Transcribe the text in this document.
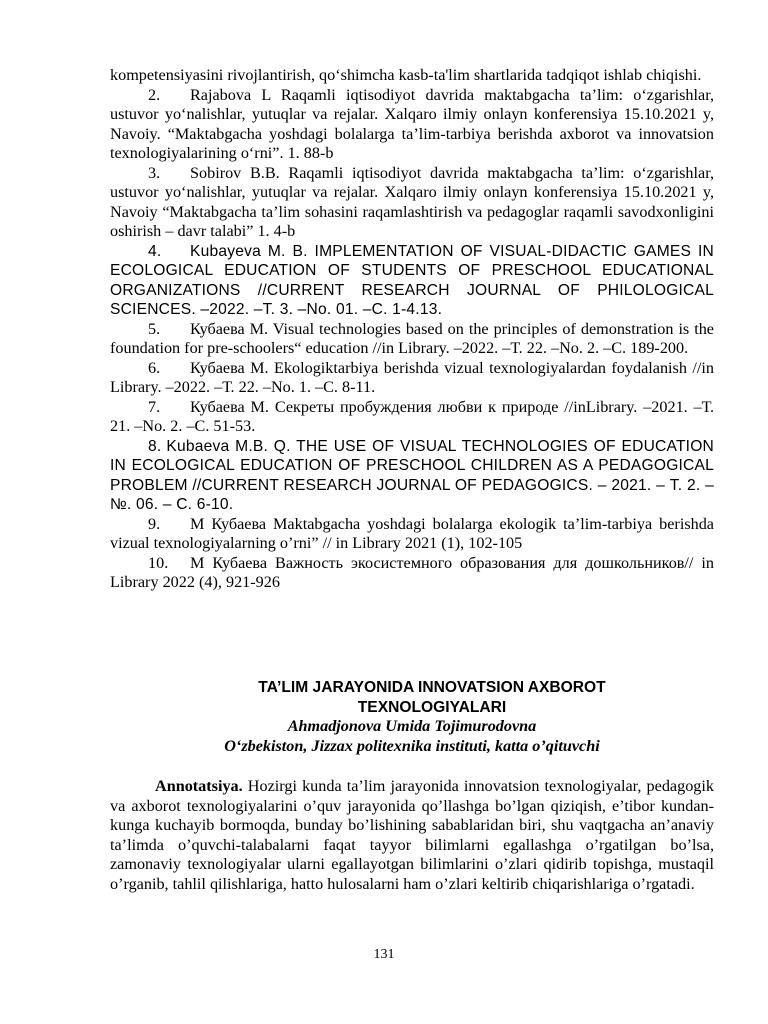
kompetensiyasini rivojlantirish, qo‘shimcha kasb-ta'lim shartlarida tadqiqot ishlab chiqishi.

2. Rajabova L Raqamli iqtisodiyot davrida maktabgacha ta’lim: o‘zgarishlar, ustuvor yo‘nalishlar, yutuqlar va rejalar. Xalqaro ilmiy onlayn konferensiya 15.10.2021 y, Navoiy. “Maktabgacha yoshdagi bolalarga ta’lim-tarbiya berishda axborot va innovatsion texnologiyalarining o‘rni”. 1. 88-b

3. Sobirov B.B. Raqamli iqtisodiyot davrida maktabgacha ta’lim: o‘zgarishlar, ustuvor yo‘nalishlar, yutuqlar va rejalar. Xalqaro ilmiy onlayn konferensiya 15.10.2021 y, Navoiy “Maktabgacha ta’lim sohasini raqamlashtirish va pedagoglar raqamli savodxonligini oshirish – davr talabi” 1. 4-b

4. Kubayeva M. B. IMPLEMENTATION OF VISUAL-DIDACTIC GAMES IN ECOLOGICAL EDUCATION OF STUDENTS OF PRESCHOOL EDUCATIONAL ORGANIZATIONS //CURRENT RESEARCH JOURNAL OF PHILOLOGICAL SCIENCES. –2022. –T. 3. –No. 01. –С. 1-4.13.

5. Кубаева M. Visual technologies based on the principles of demonstration is the foundation for pre-schoolers“ education //in Library. –2022. –Т. 22. –No. 2. –С. 189-200.

6. Кубаева M. Ekologiktarbiya berishda vizual texnologiyalardan foydalanish //in Library. –2022. –Т. 22. –No. 1. –С. 8-11.

7. Кубаева M. Секреты пробуждения любви к природе //inLibrary. –2021. –Т. 21. –No. 2. –С. 51-53.

8. Kubaeva M.B. Q. THE USE OF VISUAL TECHNOLOGIES OF EDUCATION IN ECOLOGICAL EDUCATION OF PRESCHOOL CHILDREN AS A PEDAGOGICAL PROBLEM //CURRENT RESEARCH JOURNAL OF PEDAGOGICS. – 2021. – Т. 2. – №. 06. – С. 6-10.

9. M Кубаева Maktabgacha yoshdagi bolalarga ekologik ta’lim-tarbiya berishda vizual texnologiyalarning o’rni” // in Library 2021 (1), 102-105

10. M Кубаева Важность экосистемного образования для дошкольников// in Library 2022 (4), 921-926

TA’LIM JARAYONIDA INNOVATSION AXBOROT
TEXNOLOGIYALARI

Ahmadjonova Umida Tojimurodovna

O‘zbekiston, Jizzax politexnika instituti, katta o’qituvchi

Annotatsiya. Hozirgi kunda ta’lim jarayonida innovatsion texnologiyalar, pedagogik va axborot texnologiyalarini o’quv jarayonida qo’llashga bo’lgan qiziqish, e’tibor kundan-kunga kuchayib bormoqda, bunday bo’lishining sabablaridan biri, shu vaqtgacha an’anaviy ta’limda o’quvchi-talabalarni faqat tayyor bilimlarni egallashga o’rgatilgan bo’lsa, zamonaviy texnologiyalar ularni egallayotgan bilimlarini o’zlari qidirib topishga, mustaqil o’rganib, tahlil qilishlariga, hatto hulosalarni ham o’zlari keltirib chiqarishlariga o’rgatadi.

131
